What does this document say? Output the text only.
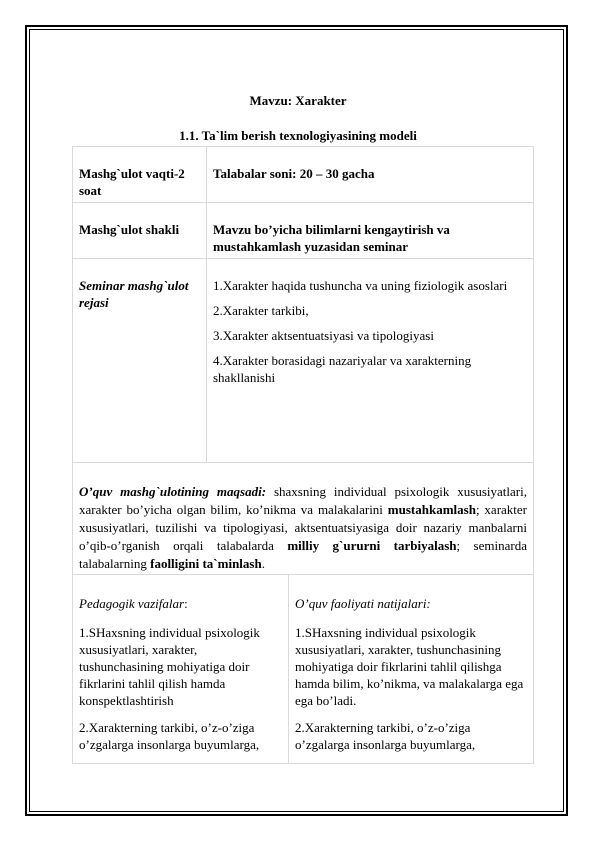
Mavzu: Xarakter
1.1. Ta`lim berish texnologiyasining modeli
Mashg`ulot vaqti-2 soat
Talabalar soni: 20 – 30 gacha
Mashg`ulot shakli	Mavzu bo’yicha bilimlarni kengaytirish va mustahkamlash yuzasidan seminar
Seminar mashg`ulot rejasi
1.Xarakter haqida tushuncha va uning fiziologik asoslari
2.Xarakter tarkibi,
3.Xarakter aktsentuatsiyasi va tipologiyasi
4.Xarakter borasidagi nazariyalar va xarakterning shakllanishi
O’quv mashg`ulotining maqsadi: shaxsning individual psixologik xususiyatlari, xarakter bo’yicha olgan bilim, ko’nikma va malakalarini mustahkamlash; xarakter xususiyatlari, tuzilishi va tipologiyasi, aktsentuatsiyasiga doir nazariy manbalarni o’qib-o’rganish orqali talabalarda milliy g`ururni tarbiyalash; seminarda talabalarning faolligini ta`minlash.
Pedagogik vazifalar:
1.SHaxsning individual psixologik xususiyatlari, xarakter, tushunchasining mohiyatiga doir fikrlarini tahlil qilish hamda konspektlashtirish
2.Xarakterning tarkibi, o’z-o’ziga o’zgalarga insonlarga buyumlarga,
O’quv faoliyati natijalari:
1.SHaxsning individual psixologik xususiyatlari, xarakter, tushunchasining mohiyatiga doir fikrlarini tahlil qilishga hamda bilim, ko’nikma, va malakalarga ega ega bo’ladi.
2.Xarakterning tarkibi, o’z-o’ziga o’zgalarga insonlarga buyumlarga,
